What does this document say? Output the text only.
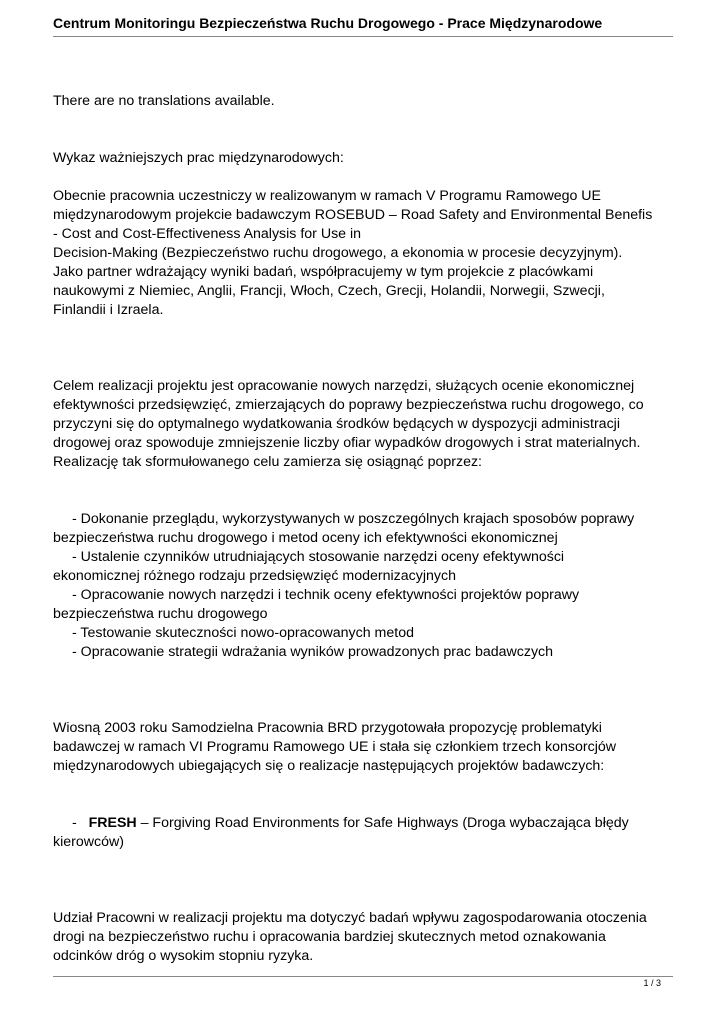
Centrum Monitoringu Bezpieczeństwa Ruchu Drogowego - Prace Międzynarodowe

There are no translations available.

Wykaz ważniejszych prac międzynarodowych:

Obecnie pracownia uczestniczy w realizowanym w ramach V Programu Ramowego UE

międzynarodowym projekcie badawczym ROSEBUD – Road Safety and Environmental Benefis

- Cost and Cost-Effectiveness Analysis for Use in

Decision-Making (Bezpieczeństwo ruchu drogowego, a ekonomia w procesie decyzyjnym).

Jako partner wdrażający wyniki badań, współpracujemy w tym projekcie z placówkami

naukowymi z Niemiec, Anglii, Francji, Włoch, Czech, Grecji, Holandii, Norwegii, Szwecji,

Finlandii i Izraela.

Celem realizacji projektu jest opracowanie nowych narzędzi, służących ocenie ekonomicznej

efektywności przedsięwzięć, zmierzających do poprawy bezpieczeństwa ruchu drogowego, co

przyczyni się do optymalnego wydatkowania środków będących w dyspozycji administracji

drogowej oraz spowoduje zmniejszenie liczby ofiar wypadków drogowych i strat materialnych.

Realizację tak sformułowanego celu zamierza się osiągnąć poprzez:

- Dokonanie przeglądu, wykorzystywanych w poszczególnych krajach sposobów poprawy

bezpieczeństwa ruchu drogowego i metod oceny ich efektywności ekonomicznej

- Ustalenie czynników utrudniających stosowanie narzędzi oceny efektywności

ekonomicznej różnego rodzaju przedsięwzięć modernizacyjnych

- Opracowanie nowych narzędzi i technik oceny efektywności projektów poprawy

bezpieczeństwa ruchu drogowego

- Testowanie skuteczności nowo-opracowanych metod

- Opracowanie strategii wdrażania wyników prowadzonych prac badawczych

Wiosną 2003 roku Samodzielna Pracownia BRD przygotowała propozycję problematyki

badawczej w ramach VI Programu Ramowego UE i stała się członkiem trzech konsorcjów

międzynarodowych ubiegających się o realizacje następujących projektów badawczych:

-   FRESH – Forgiving Road Environments for Safe Highways (Droga wybaczająca błędy

kierowców)

Udział Pracowni w realizacji projektu ma dotyczyć badań wpływu zagospodarowania otoczenia

drogi na bezpieczeństwo ruchu i opracowania bardziej skutecznych metod oznakowania

odcinków dróg o wysokim stopniu ryzyka.

1 / 3
